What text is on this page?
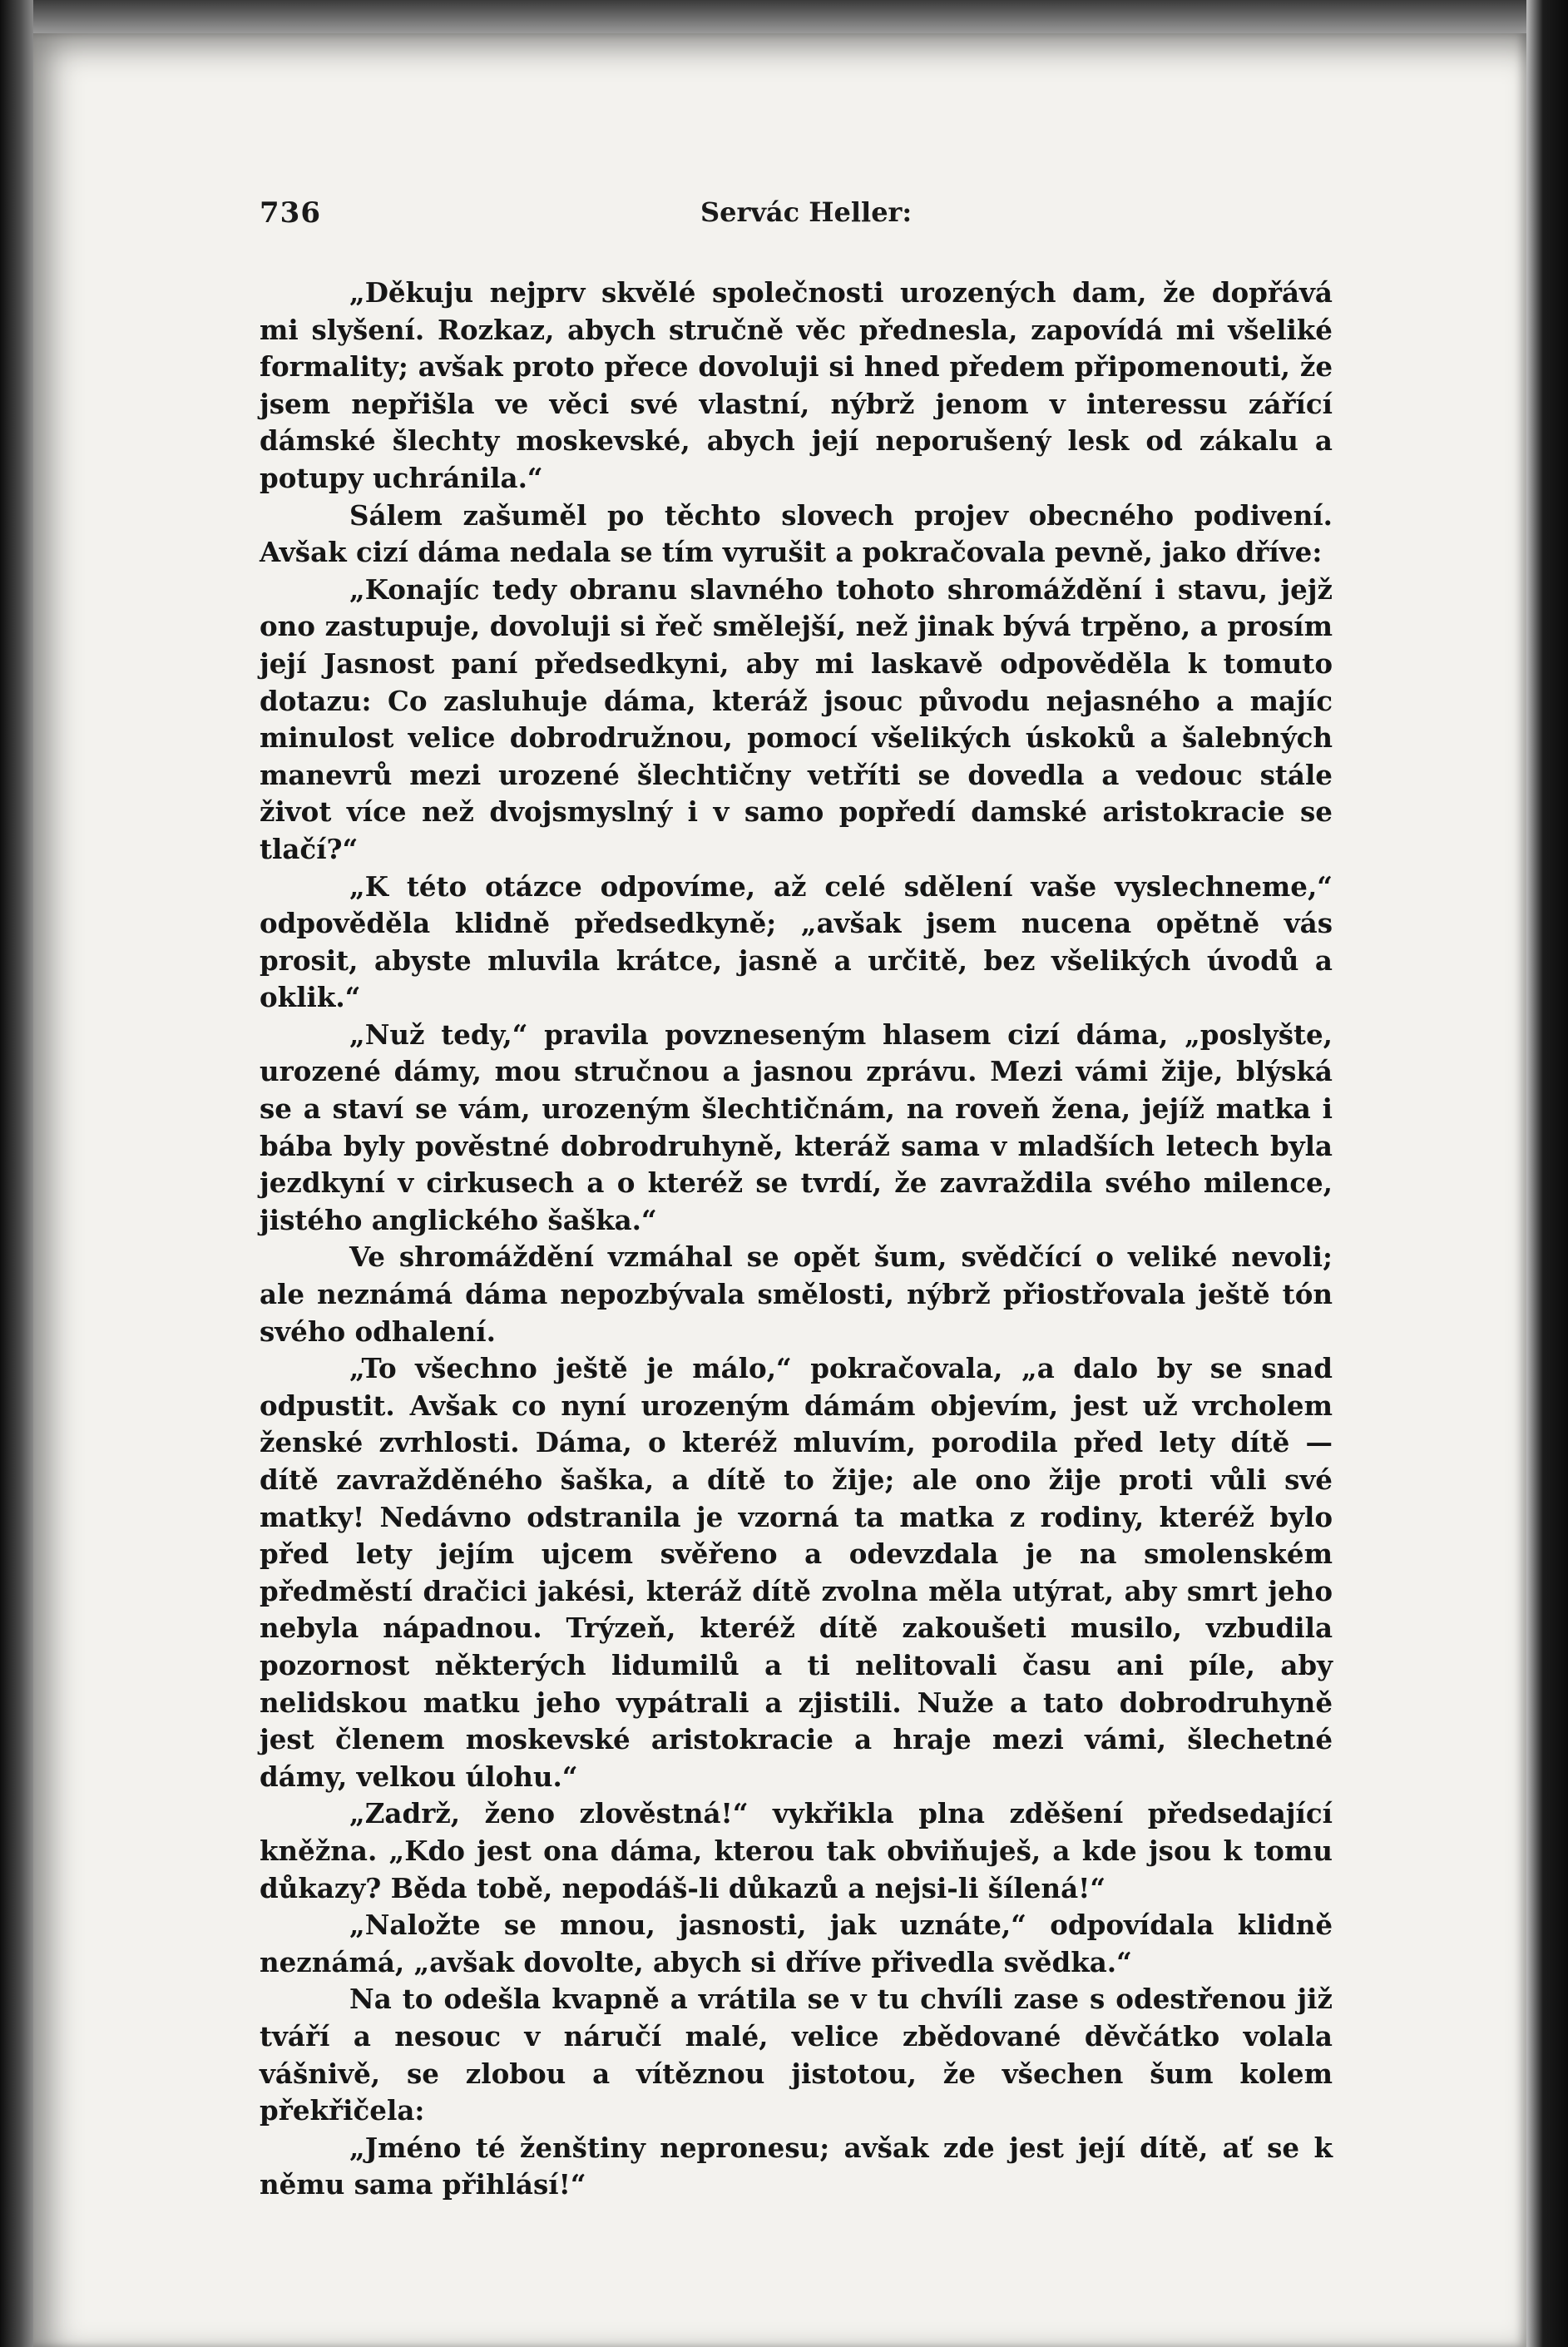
736	Servác Heller:

„Děkuju nejprv skvělé společnosti urozených dam, že dopřává mi slyšení. Rozkaz, abych stručně věc přednesla, zapovídá mi všeliké formality; avšak proto přece dovoluji si hned předem připomenouti, že jsem nepřišla ve věci své vlastní, nýbrž jenom v interessu zářící dámské šlechty moskevské, abych její neporušený lesk od zákalu a potupy uchránila.“

Sálem zašuměl po těchto slovech projev obecného podivení. Avšak cizí dáma nedala se tím vyrušit a pokračovala pevně, jako dříve:

„Konajíc tedy obranu slavného tohoto shromáždění i stavu, jejž ono zastupuje, dovoluji si řeč smělejší, než jinak bývá trpěno, a prosím její Jasnost paní předsedkyni, aby mi laskavě odpověděla k tomuto dotazu: Co zasluhuje dáma, kteráž jsouc původu nejasného a majíc minulost velice dobrodružnou, pomocí všelikých úskoků a šalebných manevrů mezi urozené šlechtičny vetříti se dovedla a vedouc stále život více než dvojsmyslný i v samo popředí damské aristokracie se tlačí?“

„K této otázce odpovíme, až celé sdělení vaše vyslechneme,“ odpověděla klidně předsedkyně; „avšak jsem nucena opětně vás prosit, abyste mluvila krátce, jasně a určitě, bez všelikých úvodů a oklik.“

„Nuž tedy,“ pravila povzneseným hlasem cizí dáma, „poslyšte, urozené dámy, mou stručnou a jasnou zprávu. Mezi vámi žije, blýská se a staví se vám, urozeným šlechtičnám, na roveň žena, jejíž matka i bába byly pověstné dobrodruhyně, kteráž sama v mladších letech byla jezdkyní v cirkusech a o kteréž se tvrdí, že zavraždila svého milence, jistého anglického šaška.“

Ve shromáždění vzmáhal se opět šum, svědčící o veliké nevoli; ale neznámá dáma nepozbývala smělosti, nýbrž přiostřovala ještě tón svého odhalení.

„To všechno ještě je málo,“ pokračovala, „a dalo by se snad odpustit. Avšak co nyní urozeným dámám objevím, jest už vrcholem ženské zvrhlosti. Dáma, o kteréž mluvím, porodila před lety dítě — dítě zavražděného šaška, a dítě to žije; ale ono žije proti vůli své matky! Nedávno odstranila je vzorná ta matka z rodiny, kteréž bylo před lety jejím ujcem svěřeno a odevzdala je na smolenském předměstí dračici jakési, kteráž dítě zvolna měla utýrat, aby smrt jeho nebyla nápadnou. Trýzeň, kteréž dítě zakoušeti musilo, vzbudila pozornost některých lidumilů a ti nelitovali času ani píle, aby nelidskou matku jeho vypátrali a zjistili. Nuže a tato dobrodruhyně jest členem moskevské aristokracie a hraje mezi vámi, šlechetné dámy, velkou úlohu.“

„Zadrž, ženo zlověstná!“ vykřikla plna zděšení předsedající kněžna. „Kdo jest ona dáma, kterou tak obviňuješ, a kde jsou k tomu důkazy? Běda tobě, nepodáš-li důkazů a nejsi-li šílená!“

„Naložte se mnou, jasnosti, jak uznáte,“ odpovídala klidně neznámá, „avšak dovolte, abych si dříve přivedla svědka.“

Na to odešla kvapně a vrátila se v tu chvíli zase s odestřenou již tváří a nesouc v náručí malé, velice zbědované děvčátko volala vášnivě, se zlobou a vítěznou jistotou, že všechen šum kolem překřičela:

„Jméno té ženštiny nepronesu; avšak zde jest její dítě, ať se k němu sama přihlásí!“
